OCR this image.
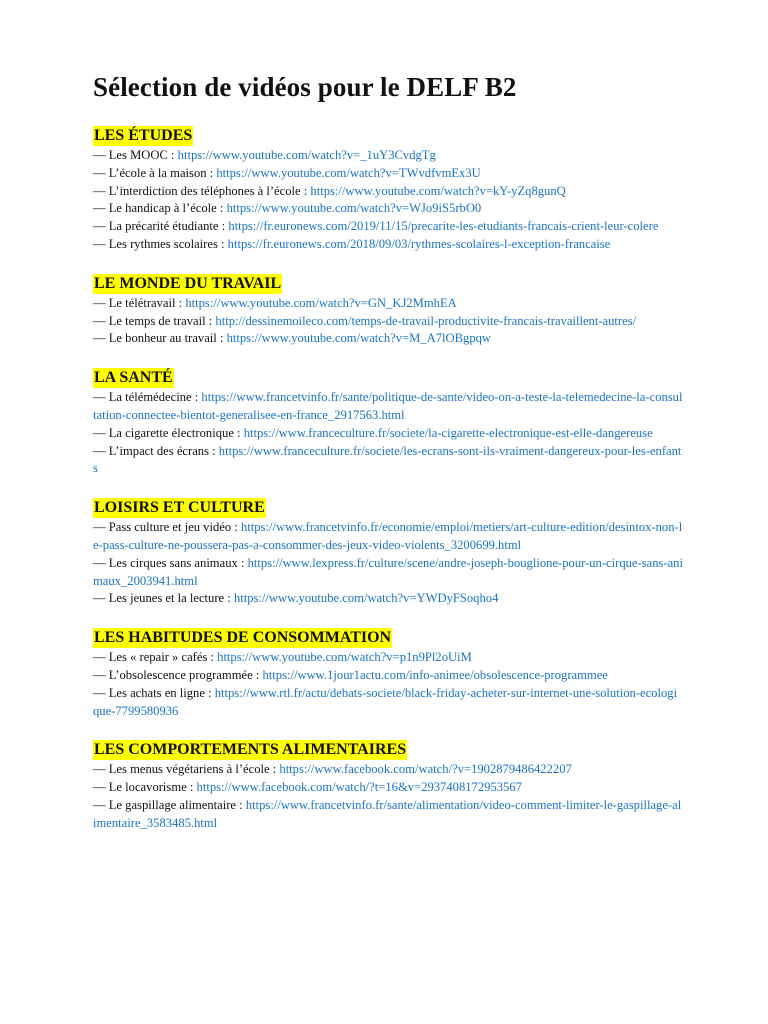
Sélection de vidéos pour le DELF B2
LES ÉTUDES

— Les MOOC : https://www.youtube.com/watch?v=_1uY3CvdgTg

— L’école à la maison : https://www.youtube.com/watch?v=TWvdfvmEx3U

— L’interdiction des téléphones à l’école : https://www.youtube.com/watch?v=kY-yZq8gunQ

— Le handicap à l’école : https://www.youtube.com/watch?v=WJo9iS5rbO0

— La précarité étudiante : https://fr.euronews.com/2019/11/15/precarite-les-etudiants-francais-crient-leur-colere

— Les rythmes scolaires : https://fr.euronews.com/2018/09/03/rythmes-scolaires-l-exception-francaise

LE MONDE DU TRAVAIL

— Le télétravail : https://www.youtube.com/watch?v=GN_KJ2MmhEA

— Le temps de travail : http://dessinemoileco.com/temps-de-travail-productivite-francais-travaillent-autres/

— Le bonheur au travail : https://www.youtube.com/watch?v=M_A7lOBgpqw

LA SANTÉ

— La télémédecine : https://www.francetvinfo.fr/sante/politique-de-sante/video-on-a-teste-la-telemedecine-la-consultation-connectee-bientot-generalisee-en-france_2917563.html

— La cigarette électronique : https://www.franceculture.fr/societe/la-cigarette-electronique-est-elle-dangereuse

— L’impact des écrans : https://www.franceculture.fr/societe/les-ecrans-sont-ils-vraiment-dangereux-pour-les-enfants

LOISIRS ET CULTURE

— Pass culture et jeu vidéo : https://www.francetvinfo.fr/economie/emploi/metiers/art-culture-edition/desintox-non-le-pass-culture-ne-poussera-pas-a-consommer-des-jeux-video-violents_3200699.html

— Les cirques sans animaux : https://www.lexpress.fr/culture/scene/andre-joseph-bouglione-pour-un-cirque-sans-animaux_2003941.html

— Les jeunes et la lecture : https://www.youtube.com/watch?v=YWDyFSoqho4

LES HABITUDES DE CONSOMMATION

— Les « repair » cafés : https://www.youtube.com/watch?v=p1n9Pl2oUiM

— L’obsolescence programmée : https://www.1jour1actu.com/info-animee/obsolescence-programmee

— Les achats en ligne : https://www.rtl.fr/actu/debats-societe/black-friday-acheter-sur-internet-une-solution-ecologique-7799580936

LES COMPORTEMENTS ALIMENTAIRES

— Les menus végétariens à l’école : https://www.facebook.com/watch/?v=1902879486422207

— Le locavorisme : https://www.facebook.com/watch/?t=16&v=2937408172953567

— Le gaspillage alimentaire : https://www.francetvinfo.fr/sante/alimentation/video-comment-limiter-le-gaspillage-alimentaire_3583485.html
